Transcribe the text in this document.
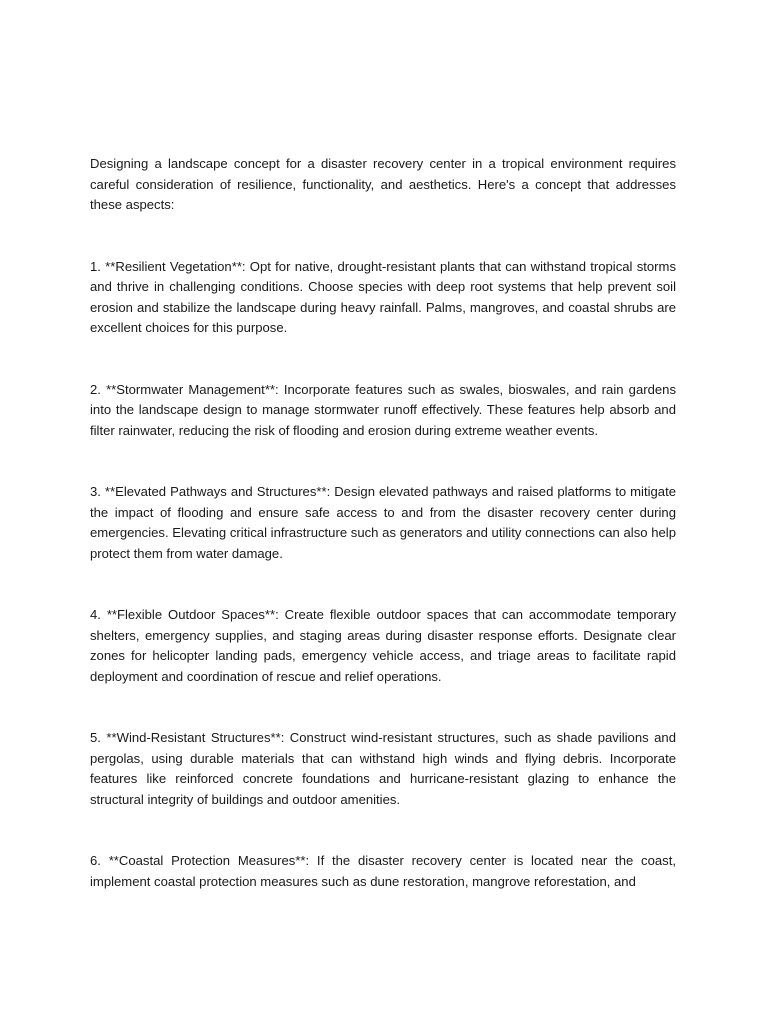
Designing a landscape concept for a disaster recovery center in a tropical environment requires careful consideration of resilience, functionality, and aesthetics. Here's a concept that addresses these aspects:

1. **Resilient Vegetation**: Opt for native, drought-resistant plants that can withstand tropical storms and thrive in challenging conditions. Choose species with deep root systems that help prevent soil erosion and stabilize the landscape during heavy rainfall. Palms, mangroves, and coastal shrubs are excellent choices for this purpose.

2. **Stormwater Management**: Incorporate features such as swales, bioswales, and rain gardens into the landscape design to manage stormwater runoff effectively. These features help absorb and filter rainwater, reducing the risk of flooding and erosion during extreme weather events.

3. **Elevated Pathways and Structures**: Design elevated pathways and raised platforms to mitigate the impact of flooding and ensure safe access to and from the disaster recovery center during emergencies. Elevating critical infrastructure such as generators and utility connections can also help protect them from water damage.

4. **Flexible Outdoor Spaces**: Create flexible outdoor spaces that can accommodate temporary shelters, emergency supplies, and staging areas during disaster response efforts. Designate clear zones for helicopter landing pads, emergency vehicle access, and triage areas to facilitate rapid deployment and coordination of rescue and relief operations.

5. **Wind-Resistant Structures**: Construct wind-resistant structures, such as shade pavilions and pergolas, using durable materials that can withstand high winds and flying debris. Incorporate features like reinforced concrete foundations and hurricane-resistant glazing to enhance the structural integrity of buildings and outdoor amenities.

6. **Coastal Protection Measures**: If the disaster recovery center is located near the coast, implement coastal protection measures such as dune restoration, mangrove reforestation, and
